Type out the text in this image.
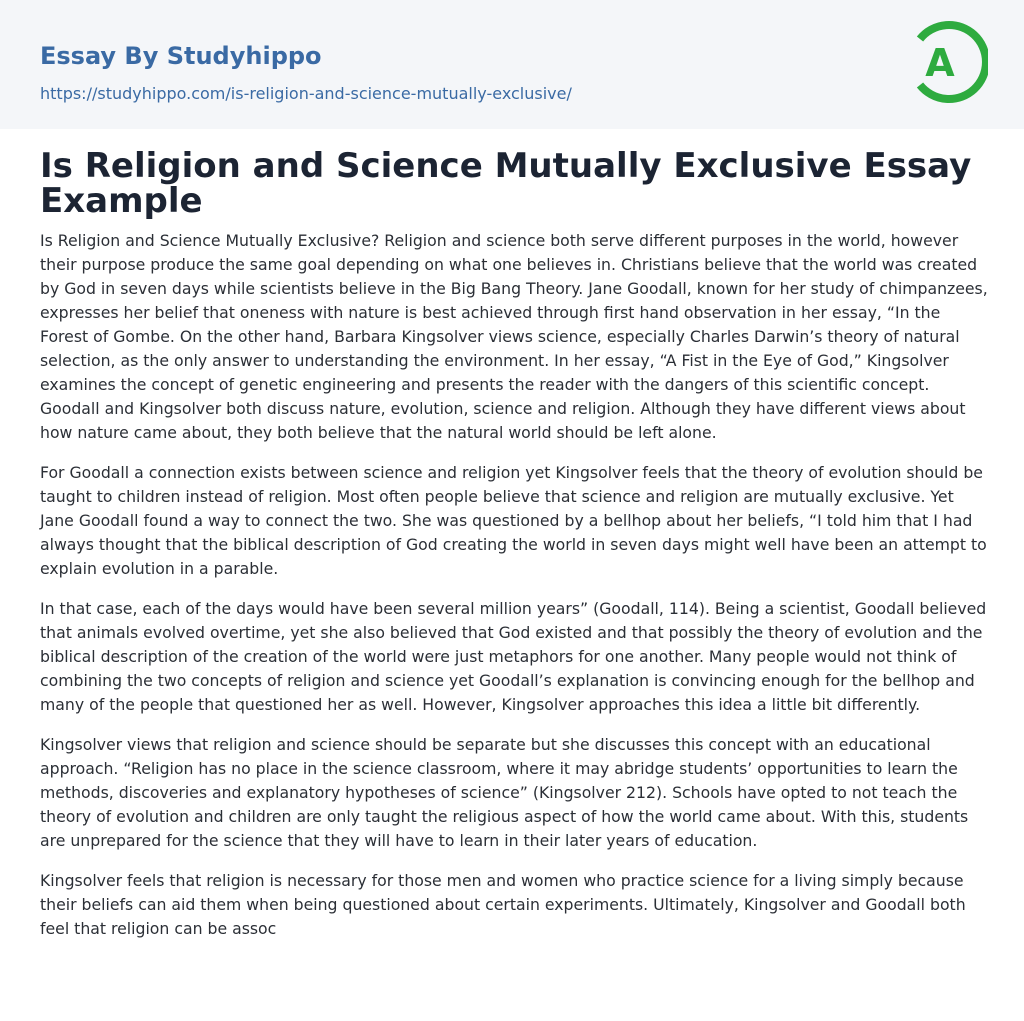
Essay By Studyhippo
https://studyhippo.com/is-religion-and-science-mutually-exclusive/
A
Is Religion and Science Mutually Exclusive Essay Example

Is Religion and Science Mutually Exclusive? Religion and science both serve different purposes in the world, however their purpose produce the same goal depending on what one believes in. Christians believe that the world was created by God in seven days while scientists believe in the Big Bang Theory. Jane Goodall, known for her study of chimpanzees, expresses her belief that oneness with nature is best achieved through first hand observation in her essay, “In the Forest of Gombe. On the other hand, Barbara Kingsolver views science, especially Charles Darwin’s theory of natural selection, as the only answer to understanding the environment. In her essay, “A Fist in the Eye of God,” Kingsolver examines the concept of genetic engineering and presents the reader with the dangers of this scientific concept. Goodall and Kingsolver both discuss nature, evolution, science and religion. Although they have different views about how nature came about, they both believe that the natural world should be left alone.

For Goodall a connection exists between science and religion yet Kingsolver feels that the theory of evolution should be taught to children instead of religion. Most often people believe that science and religion are mutually exclusive. Yet Jane Goodall found a way to connect the two. She was questioned by a bellhop about her beliefs, “I told him that I had always thought that the biblical description of God creating the world in seven days might well have been an attempt to explain evolution in a parable.

In that case, each of the days would have been several million years” (Goodall, 114). Being a scientist, Goodall believed that animals evolved overtime, yet she also believed that God existed and that possibly the theory of evolution and the biblical description of the creation of the world were just metaphors for one another. Many people would not think of combining the two concepts of religion and science yet Goodall’s explanation is convincing enough for the bellhop and many of the people that questioned her as well. However, Kingsolver approaches this idea a little bit differently.

Kingsolver views that religion and science should be separate but she discusses this concept with an educational approach. “Religion has no place in the science classroom, where it may abridge students’ opportunities to learn the methods, discoveries and explanatory hypotheses of science” (Kingsolver 212). Schools have opted to not teach the theory of evolution and children are only taught the religious aspect of how the world came about. With this, students are unprepared for the science that they will have to learn in their later years of education.

Kingsolver feels that religion is necessary for those men and women who practice science for a living simply because their beliefs can aid them when being questioned about certain experiments. Ultimately, Kingsolver and Goodall both feel that religion can be assoc
